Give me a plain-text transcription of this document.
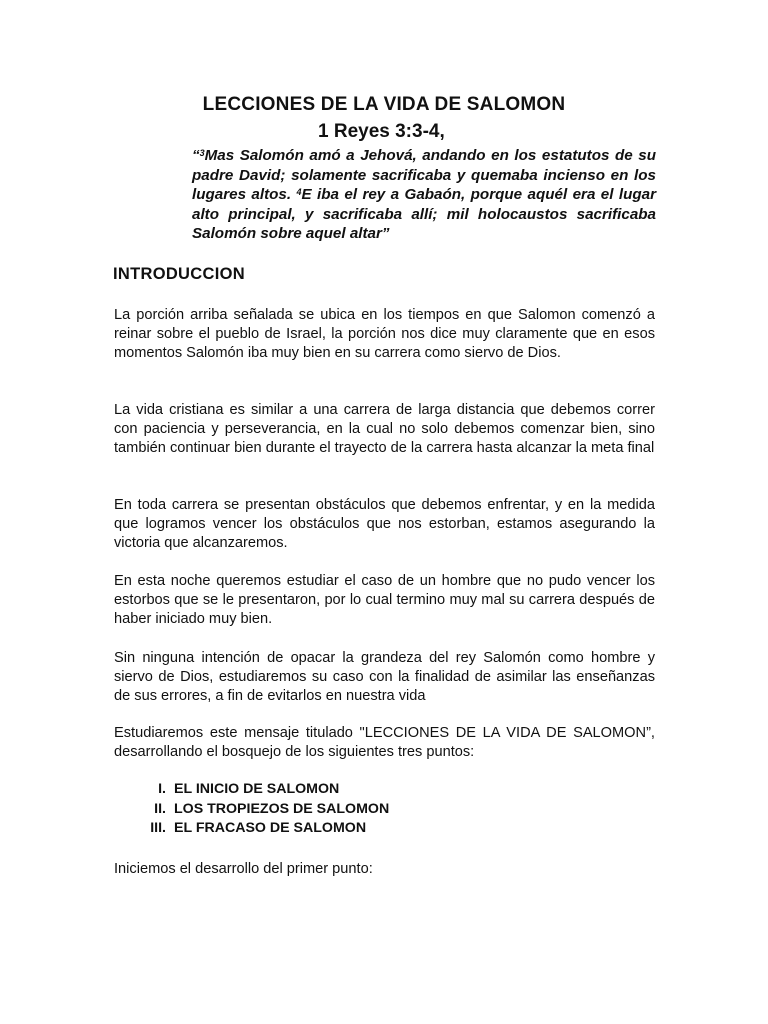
LECCIONES DE LA VIDA DE SALOMON
1 Reyes 3:3-4,

“$^3$Mas Salomón amó a Jehová, andando en los estatutos de su padre David; solamente sacrificaba y quemaba incienso en los lugares altos. $^4$E iba el rey a Gabaón, porque aquél era el lugar alto principal, y sacrificaba allí; mil holocaustos sacrificaba Salomón sobre aquel altar”

INTRODUCCION

La porción arriba señalada se ubica en los tiempos en que Salomon comenzó a reinar sobre el pueblo de Israel, la porción nos dice muy claramente que en esos momentos Salomón iba muy bien en su carrera como siervo de Dios.

La vida cristiana es similar a una carrera de larga distancia que debemos correr con paciencia y perseverancia, en la cual no solo debemos comenzar bien, sino también continuar bien durante el trayecto de la carrera hasta alcanzar la meta final

En toda carrera se presentan obstáculos que debemos enfrentar, y en la medida que logramos vencer los obstáculos que nos estorban, estamos asegurando la victoria que alcanzaremos.

En esta noche queremos estudiar el caso de un hombre que no pudo vencer los estorbos que se le presentaron, por lo cual termino muy mal su carrera después de haber iniciado muy bien.

Sin ninguna intención de opacar la grandeza del rey Salomón como hombre y siervo de Dios, estudiaremos su caso con la finalidad de asimilar las enseñanzas de sus errores, a fin de evitarlos en nuestra vida

Estudiaremos este mensaje titulado "LECCIONES DE LA VIDA DE SALOMON”, desarrollando el bosquejo de los siguientes tres puntos:

I. EL INICIO DE SALOMON
II. LOS TROPIEZOS DE SALOMON
III. EL FRACASO DE SALOMON

Iniciemos el desarrollo del primer punto:
